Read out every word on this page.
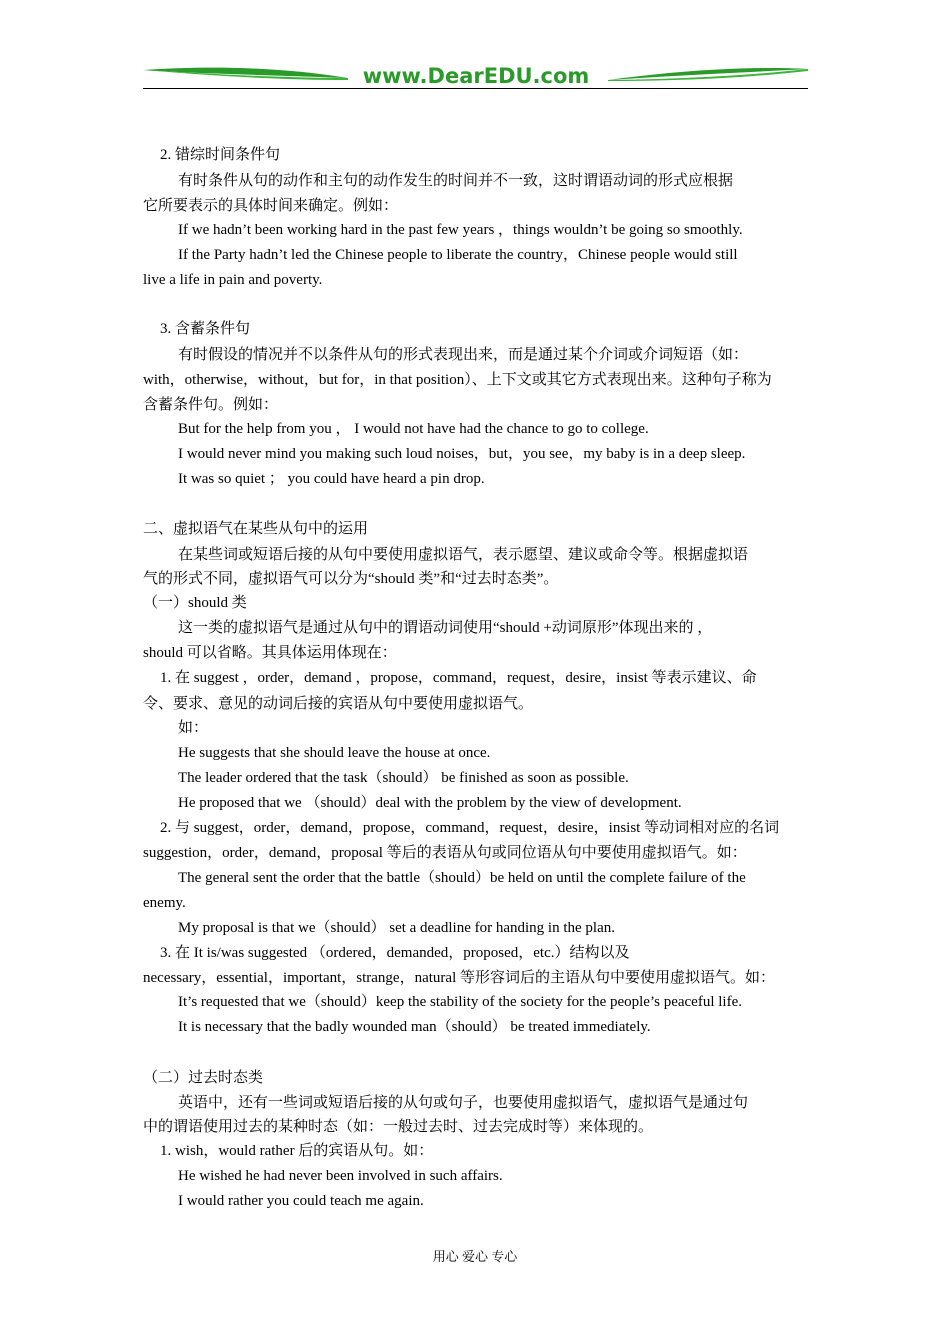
www.DearEDU.com
2. 错综时间条件句
有时条件从句的动作和主句的动作发生的时间并不一致，这时谓语动词的形式应根据
它所要表示的具体时间来确定。例如：
If we hadn’t been working hard in the past few years ，things wouldn’t be going so smoothly.
If the Party hadn’t led the Chinese people to liberate the country，Chinese people would still
live a life in pain and poverty.
3. 含蓄条件句
有时假设的情况并不以条件从句的形式表现出来，而是通过某个介词或介词短语（如：
with，otherwise，without，but for，in that position）、上下文或其它方式表现出来。这种句子称为
含蓄条件句。例如：
But for the help from you ， I would not have had the chance to go to college.
I would never mind you making such loud noises，but，you see，my baby is in a deep sleep.
It was so quiet ； you could have heard a pin drop.
二、虚拟语气在某些从句中的运用
在某些词或短语后接的从句中要使用虚拟语气，表示愿望、建议或命令等。根据虚拟语
气的形式不同，虚拟语气可以分为“should 类”和“过去时态类”。
（一）should 类
这一类的虚拟语气是通过从句中的谓语动词使用“should +动词原形”体现出来的 ，
should 可以省略。其具体运用体现在：
1. 在 suggest ，order，demand ，propose，command，request，desire，insist 等表示建议、命
令、要求、意见的动词后接的宾语从句中要使用虚拟语气。
如：
He suggests that she should leave the house at once.
The leader ordered that the task（should） be finished as soon as possible.
He proposed that we （should）deal with the problem by the view of development.
2. 与 suggest，order，demand，propose，command，request，desire，insist 等动词相对应的名词
suggestion，order，demand，proposal 等后的表语从句或同位语从句中要使用虚拟语气。如：
The general sent the order that the battle（should）be held on until the complete failure of the
enemy.
My proposal is that we（should） set a deadline for handing in the plan.
3. 在 It is/was suggested （ordered，demanded，proposed，etc.）结构以及
necessary，essential，important，strange，natural 等形容词后的主语从句中要使用虚拟语气。如：
It’s requested that we（should）keep the stability of the society for the people’s peaceful life.
It is necessary that the badly wounded man（should） be treated immediately.
（二）过去时态类
英语中，还有一些词或短语后接的从句或句子，也要使用虚拟语气，虚拟语气是通过句
中的谓语使用过去的某种时态（如：一般过去时、过去完成时等）来体现的。
1. wish，would rather 后的宾语从句。如：
He wished he had never been involved in such affairs.
I would rather you could teach me again.
用心 爱心 专心
